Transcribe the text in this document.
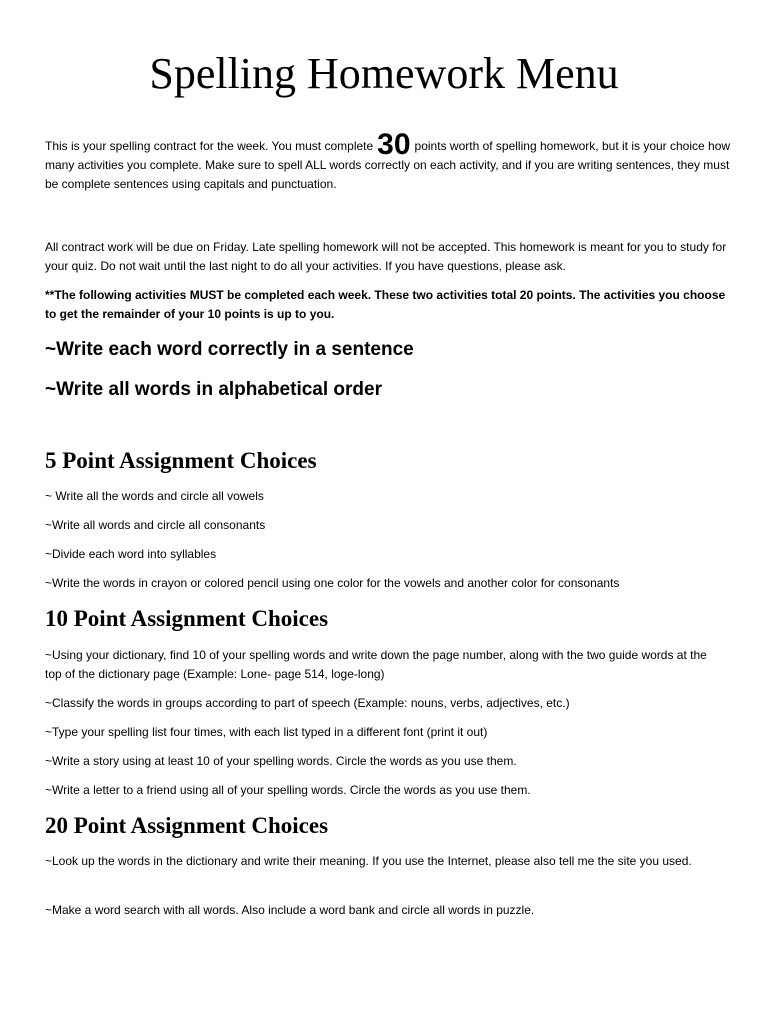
Spelling Homework Menu

This is your spelling contract for the week. You must complete 30 points worth of spelling homework, but it is your choice how many activities you complete. Make sure to spell ALL words correctly on each activity, and if you are writing sentences, they must be complete sentences using capitals and punctuation.

All contract work will be due on Friday. Late spelling homework will not be accepted. This homework is meant for you to study for your quiz. Do not wait until the last night to do all your activities. If you have questions, please ask.

**The following activities MUST be completed each week. These two activities total 20 points. The activities you choose to get the remainder of your 10 points is up to you.

~Write each word correctly in a sentence

~Write all words in alphabetical order

5 Point Assignment Choices

~ Write all the words and circle all vowels

~Write all words and circle all consonants

~Divide each word into syllables

~Write the words in crayon or colored pencil using one color for the vowels and another color for consonants

10 Point Assignment Choices

~Using your dictionary, find 10 of your spelling words and write down the page number, along with the two guide words at the top of the dictionary page (Example: Lone- page 514, loge-long)

~Classify the words in groups according to part of speech (Example: nouns, verbs, adjectives, etc.)

~Type your spelling list four times, with each list typed in a different font (print it out)

~Write a story using at least 10 of your spelling words. Circle the words as you use them.

~Write a letter to a friend using all of your spelling words. Circle the words as you use them.

20 Point Assignment Choices

~Look up the words in the dictionary and write their meaning. If you use the Internet, please also tell me the site you used.

~Make a word search with all words. Also include a word bank and circle all words in puzzle.
